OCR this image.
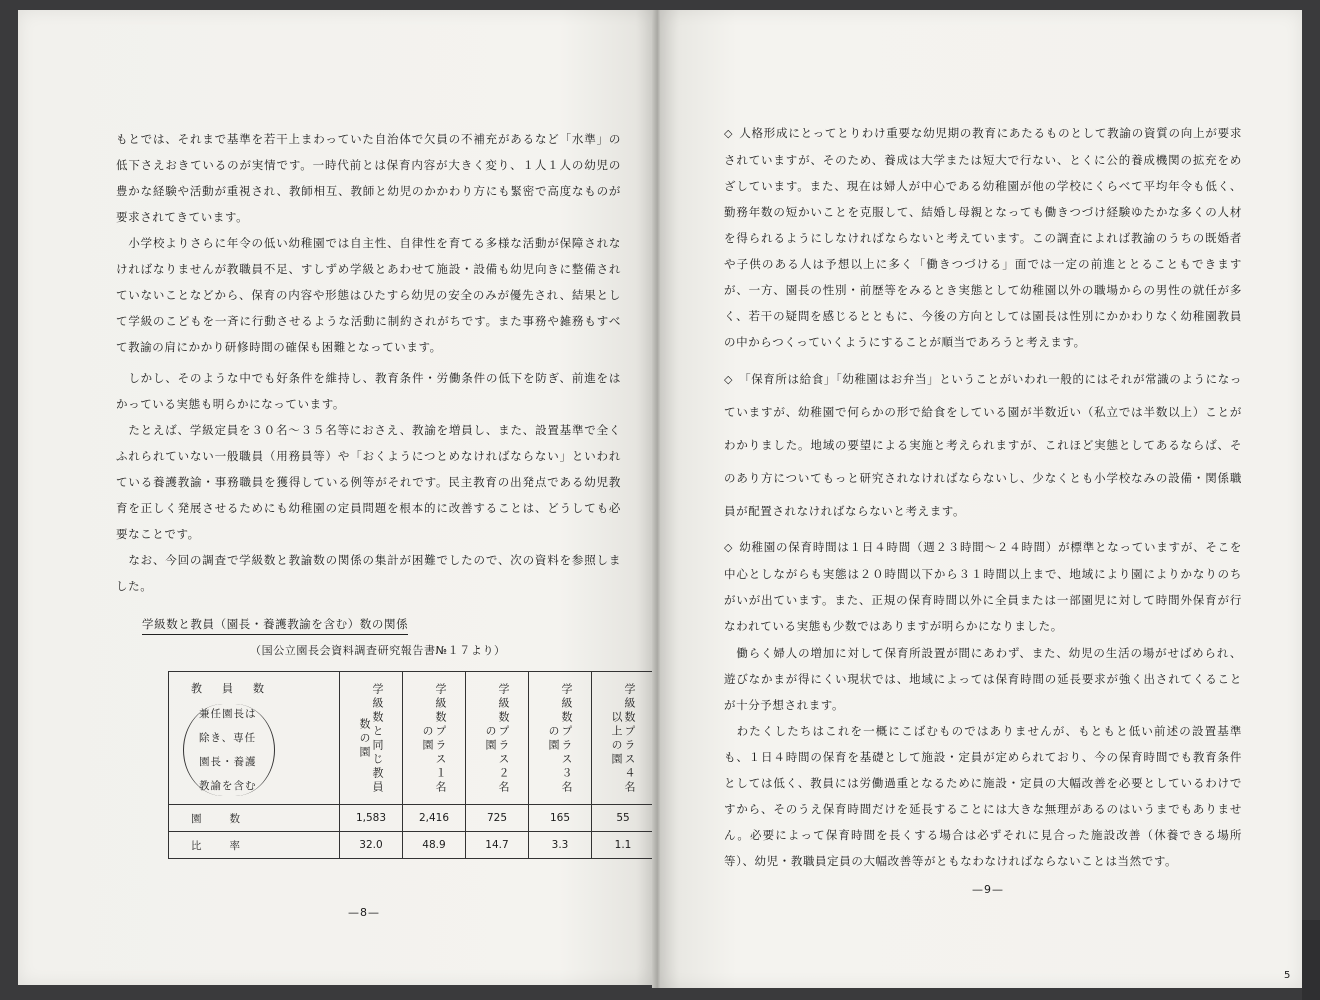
もとでは、それまで基準を若干上まわっていた自治体で欠員の不補充があるなど「水準」の低下さえおきているのが実情です。一時代前とは保育内容が大きく変り、１人１人の幼児の豊かな経験や活動が重視され、教師相互、教師と幼児のかかわり方にも緊密で高度なものが要求されてきています。

　小学校よりさらに年令の低い幼稚園では自主性、自律性を育てる多様な活動が保障されなければなりませんが教職員不足、すしずめ学級とあわせて施設・設備も幼児向きに整備されていないことなどから、保育の内容や形態はひたすら幼児の安全のみが優先され、結果として学級のこどもを一斉に行動させるような活動に制約されがちです。また事務や雑務もすべて教諭の肩にかかり研修時間の確保も困難となっています。

　しかし、そのような中でも好条件を維持し、教育条件・労働条件の低下を防ぎ、前進をはかっている実態も明らかになっています。

　たとえば、学級定員を３０名〜３５名等におさえ、教諭を増員し、また、設置基準で全くふれられていない一般職員（用務員等）や「おくようにつとめなければならない」といわれている養護教諭・事務職員を獲得している例等がそれです。民主教育の出発点である幼児教育を正しく発展させるためにも幼稚園の定員問題を根本的に改善することは、どうしても必要なことです。

　なお、今回の調査で学級数と教諭数の関係の集計が困難でしたので、次の資料を参照しました。

学級数と教員（園長・養護教諭を含む）数の関係
（国公立園長会資料調査研究報告書№１７より）
教員数
兼任園長は
除き、専任
園長・養護
教諭を含む	学級数と同じ教員数の園	学級数プラス１名の園	学級数プラス２名の園	学級数プラス３名の園	学級数プラス４名以上の園

園数	1,583	2,416	725	165	55
比率	32.0	48.9	14.7	3.3	1.1
—8—

◇ 人格形成にとってとりわけ重要な幼児期の教育にあたるものとして教諭の資質の向上が要求されていますが、そのため、養成は大学または短大で行ない、とくに公的養成機関の拡充をめざしています。また、現在は婦人が中心である幼稚園が他の学校にくらべて平均年令も低く、勤務年数の短かいことを克服して、結婚し母親となっても働きつづけ経験ゆたかな多くの人材を得られるようにしなければならないと考えています。この調査によれば教諭のうちの既婚者や子供のある人は予想以上に多く「働きつづける」面では一定の前進ととることもできますが、一方、園長の性別・前歴等をみるとき実態として幼稚園以外の職場からの男性の就任が多く、若干の疑問を感じるとともに、今後の方向としては園長は性別にかかわりなく幼稚園教員の中からつくっていくようにすることが順当であろうと考えます。

◇ 「保育所は給食」「幼稚園はお弁当」ということがいわれ一般的にはそれが常識のようになっていますが、幼稚園で何らかの形で給食をしている園が半数近い（私立では半数以上）ことがわかりました。地域の要望による実施と考えられますが、これほど実態としてあるならば、そのあり方についてもっと研究されなければならないし、少なくとも小学校なみの設備・関係職員が配置されなければならないと考えます。

◇ 幼稚園の保育時間は１日４時間（週２３時間〜２４時間）が標準となっていますが、そこを中心としながらも実態は２０時間以下から３１時間以上まで、地域により園によりかなりのちがいが出ています。また、正規の保育時間以外に全員または一部園児に対して時間外保育が行なわれている実態も少数ではありますが明らかになりました。

　働らく婦人の増加に対して保育所設置が間にあわず、また、幼児の生活の場がせばめられ、遊びなかまが得にくい現状では、地域によっては保育時間の延長要求が強く出されてくることが十分予想されます。

　わたくしたちはこれを一概にこばむものではありませんが、もともと低い前述の設置基準も、１日４時間の保育を基礎として施設・定員が定められており、今の保育時間でも教育条件としては低く、教員には労働過重となるために施設・定員の大幅改善を必要としているわけですから、そのうえ保育時間だけを延長することには大きな無理があるのはいうまでもありません。必要によって保育時間を長くする場合は必ずそれに見合った施設改善（休養できる場所等）、幼児・教職員定員の大幅改善等がともなわなければならないことは当然です。

—9—
5
